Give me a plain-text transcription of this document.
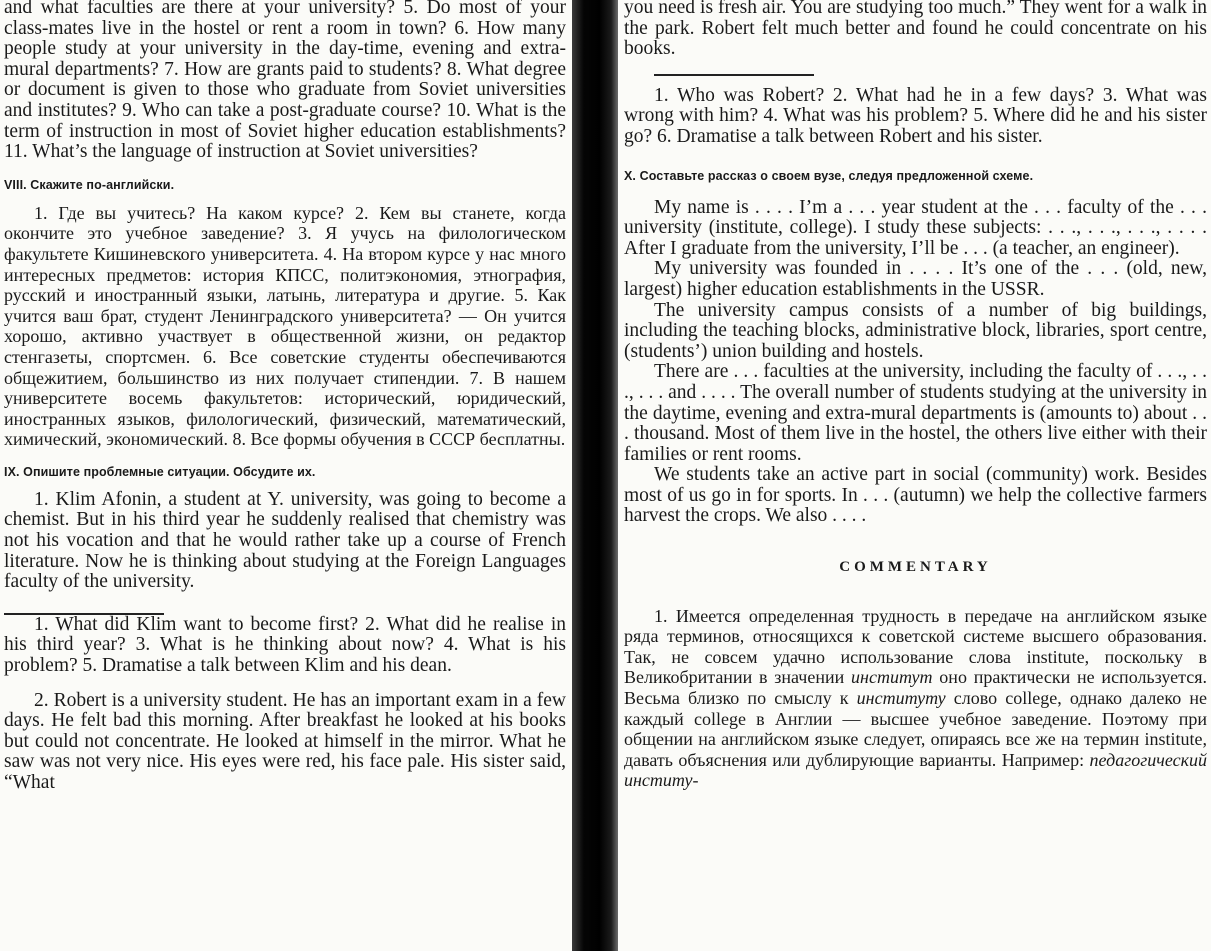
and what faculties are there at your university? 5. Do most of your class-mates live in the hostel or rent a room in town? 6. How many people study at your university in the day-time, evening and extra-mural departments? 7. How are grants paid to students? 8. What degree or document is given to those who graduate from Soviet universities and institutes? 9. Who can take a post-graduate course? 10. What is the term of instruction in most of Soviet higher education establishments? 11. What’s the language of instruction at Soviet universities?

VIII. Скажите по-английски.

1. Где вы учитесь? На каком курсе? 2. Кем вы станете, когда окончите это учебное заведение? 3. Я учусь на филологическом факультете Кишиневского университета. 4. На втором курсе у нас много интересных предметов: история КПСС, политэкономия, этнография, русский и иностранный языки, латынь, литература и другие. 5. Как учится ваш брат, студент Ленинградского университета? — Он учится хорошо, активно участвует в общественной жизни, он редактор стенгазеты, спортсмен. 6. Все советские студенты обеспечиваются общежитием, большинство из них получает стипендии. 7. В нашем университете восемь факультетов: исторический, юридический, иностранных языков, филологический, физический, математический, химический, экономический. 8. Все формы обучения в СССР бесплатны.

IX. Опишите проблемные ситуации. Обсудите их.

1. Klim Afonin, a student at Y. university, was going to become a chemist. But in his third year he suddenly realised that chemistry was not his vocation and that he would rather take up a course of French literature. Now he is thinking about studying at the Foreign Languages faculty of the university.

1. What did Klim want to become first? 2. What did he realise in his third year? 3. What is he thinking about now? 4. What is his problem? 5. Dramatise a talk between Klim and his dean.

2. Robert is a university student. He has an important exam in a few days. He felt bad this morning. After breakfast he looked at his books but could not concentrate. He looked at himself in the mirror. What he saw was not very nice. His eyes were red, his face pale. His sister said, “What

you need is fresh air. You are studying too much.” They went for a walk in the park. Robert felt much better and found he could concentrate on his books.

1. Who was Robert? 2. What had he in a few days? 3. What was wrong with him? 4. What was his problem? 5. Where did he and his sister go? 6. Dramatise a talk between Robert and his sister.

X. Составьте рассказ о своем вузе, следуя предложенной схеме.

My name is . . . . I’m a . . . year student at the . . . faculty of the . . . university (institute, college). I study these subjects: . . ., . . ., . . ., . . . . After I graduate from the university, I’ll be . . . (a teacher, an engineer).

My university was founded in . . . . It’s one of the . . . (old, new, largest) higher education establishments in the USSR.

The university campus consists of a number of big buildings, including the teaching blocks, administrative block, libraries, sport centre, (students’) union building and hostels.

There are . . . faculties at the university, including the faculty of . . ., . . ., . . . and . . . . The overall number of students studying at the university in the daytime, evening and extra-mural departments is (amounts to) about . . . thousand. Most of them live in the hostel, the others live either with their families or rent rooms.

We students take an active part in social (community) work. Besides most of us go in for sports. In . . . (autumn) we help the collective farmers harvest the crops. We also . . . .

COMMENTARY

1. Имеется определенная трудность в передаче на английском языке ряда терминов, относящихся к советской системе высшего образования. Так, не совсем удачно использование слова institute, поскольку в Великобритании в значении институт оно практически не используется. Весьма близко по смыслу к институту слово college, однако далеко не каждый college в Англии — высшее учебное заведение. Поэтому при общении на английском языке следует, опираясь все же на термин institute, давать объяснения или дублирующие варианты. Например: педагогический институ-
